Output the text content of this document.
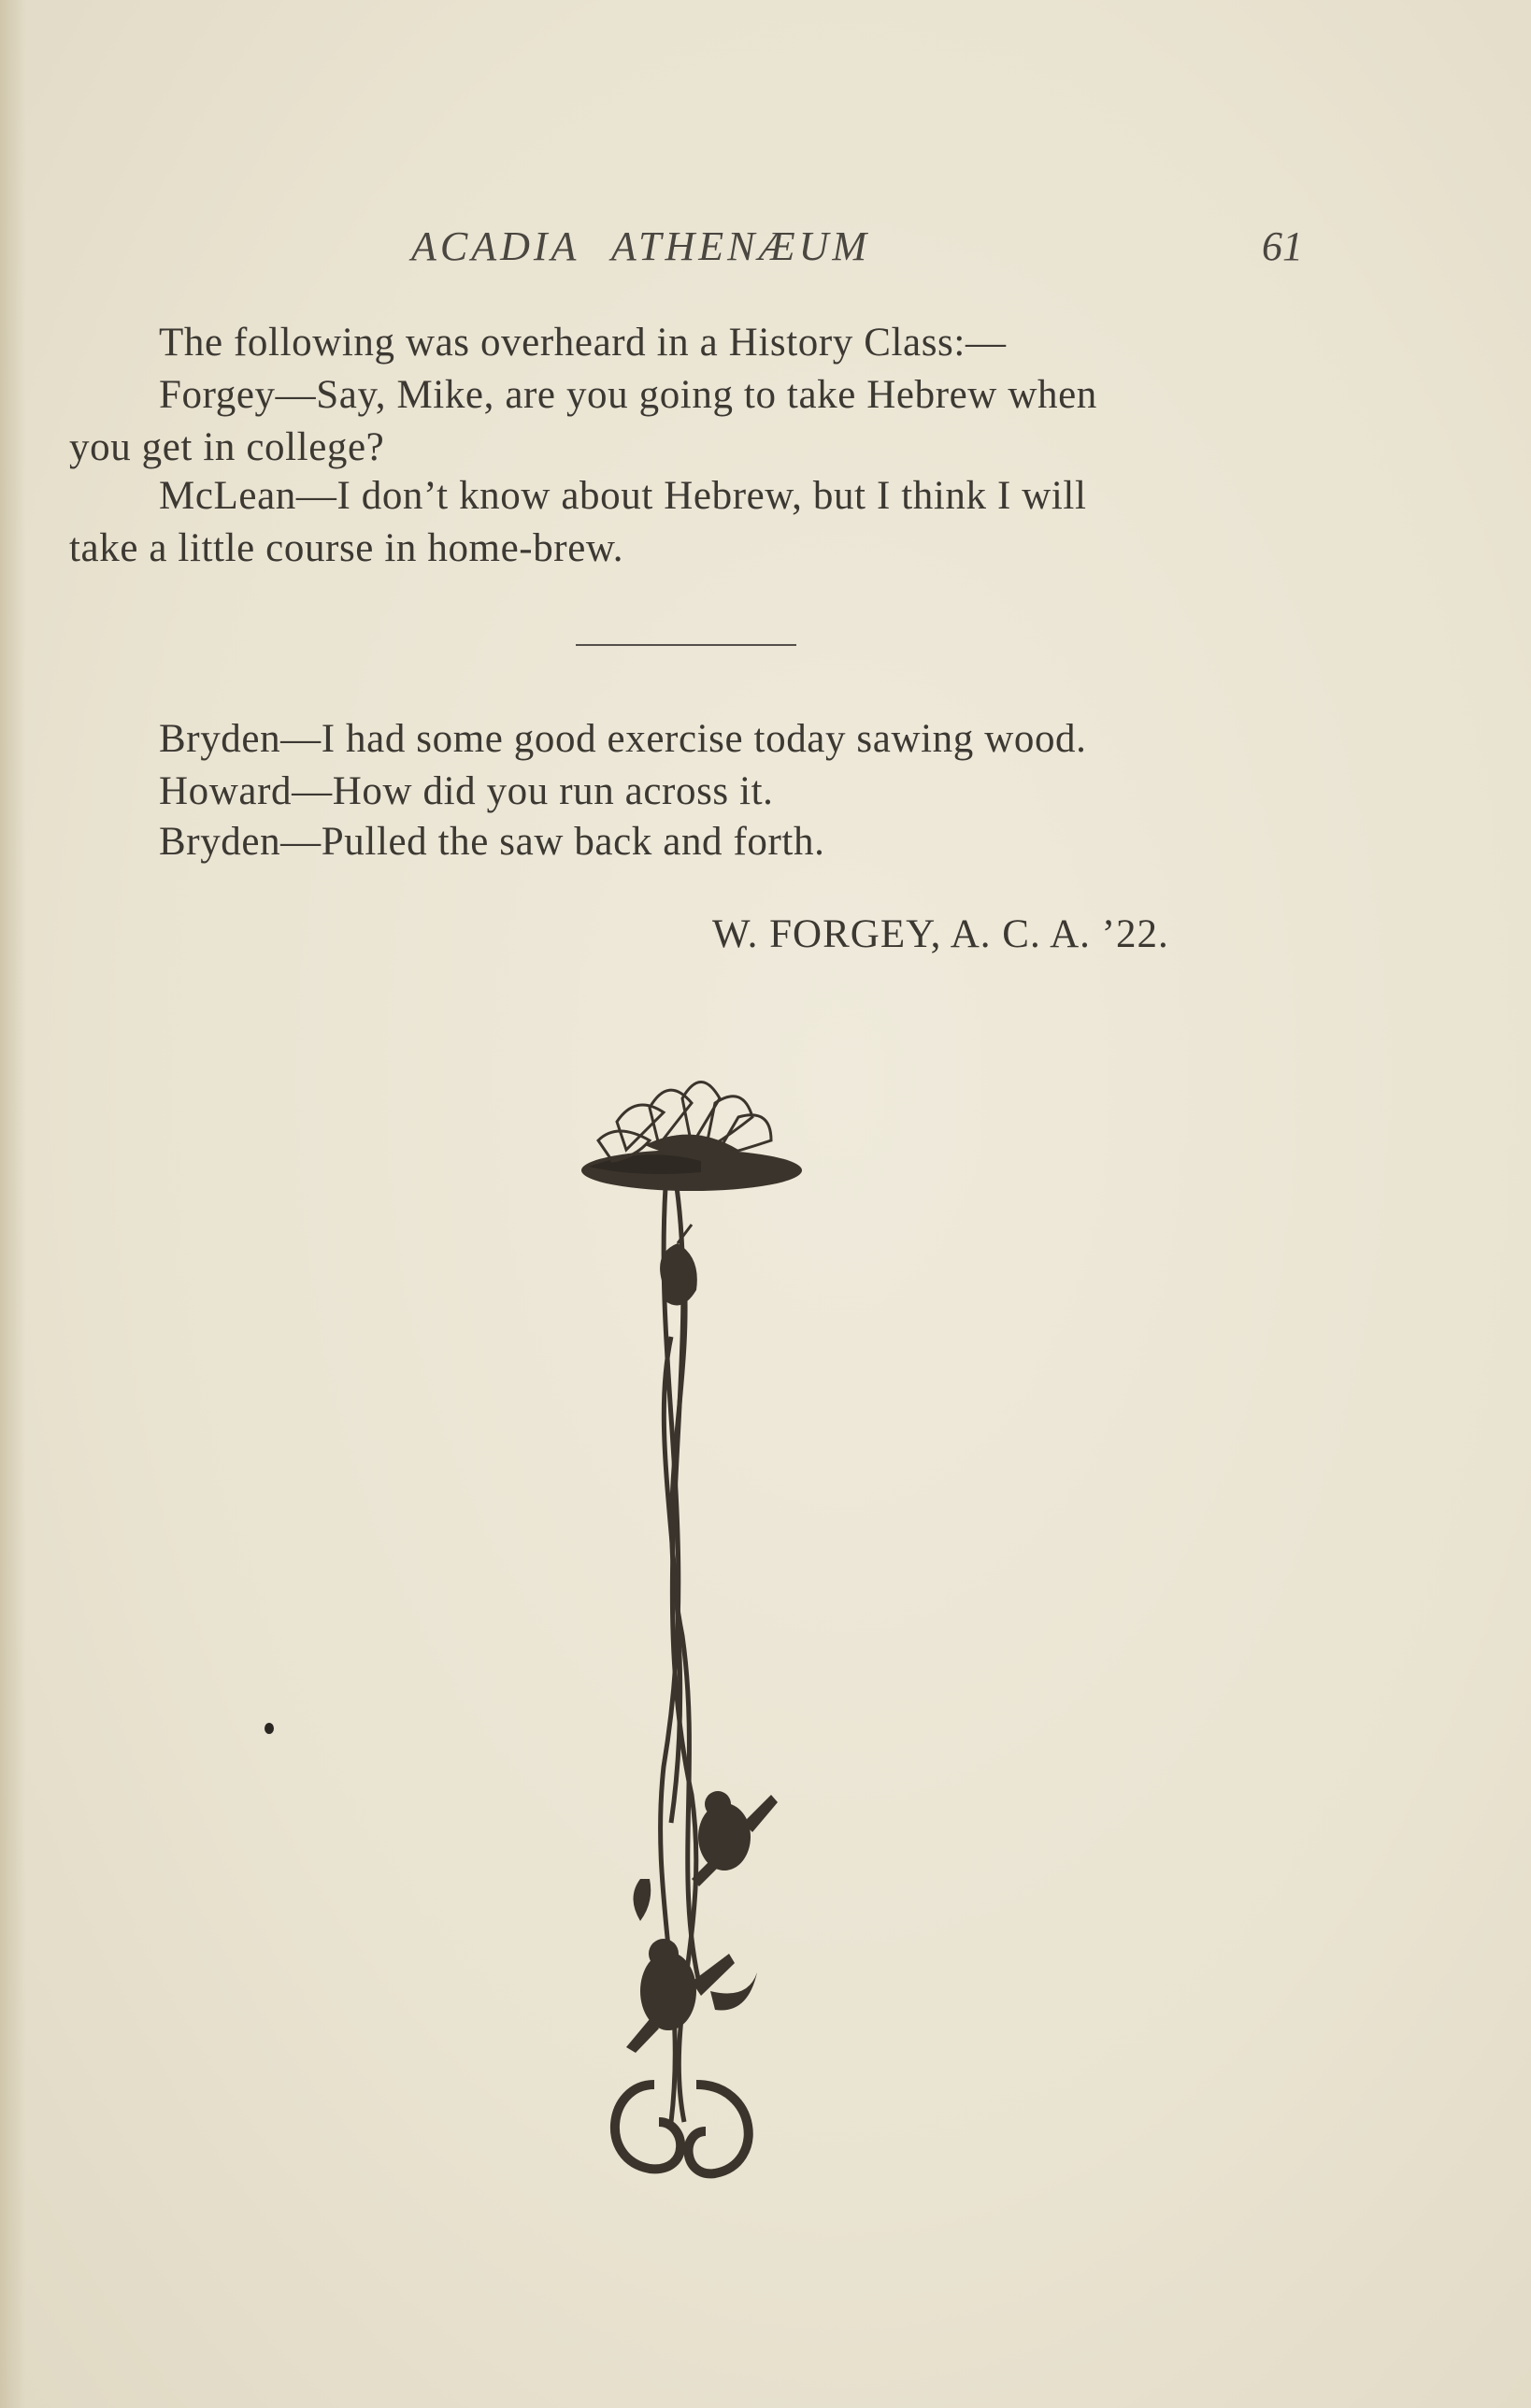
ACADIA ATHENÆUM	61
The following was overheard in a History Class:—
Forgey—Say, Mike, are you going to take Hebrew when
you get in college?
McLean—I don’t know about Hebrew, but I think I will
take a little course in home-brew.
Bryden—I had some good exercise today sawing wood.
Howard—How did you run across it.
Bryden—Pulled the saw back and forth.
W. FORGEY, A. C. A. ’22.
